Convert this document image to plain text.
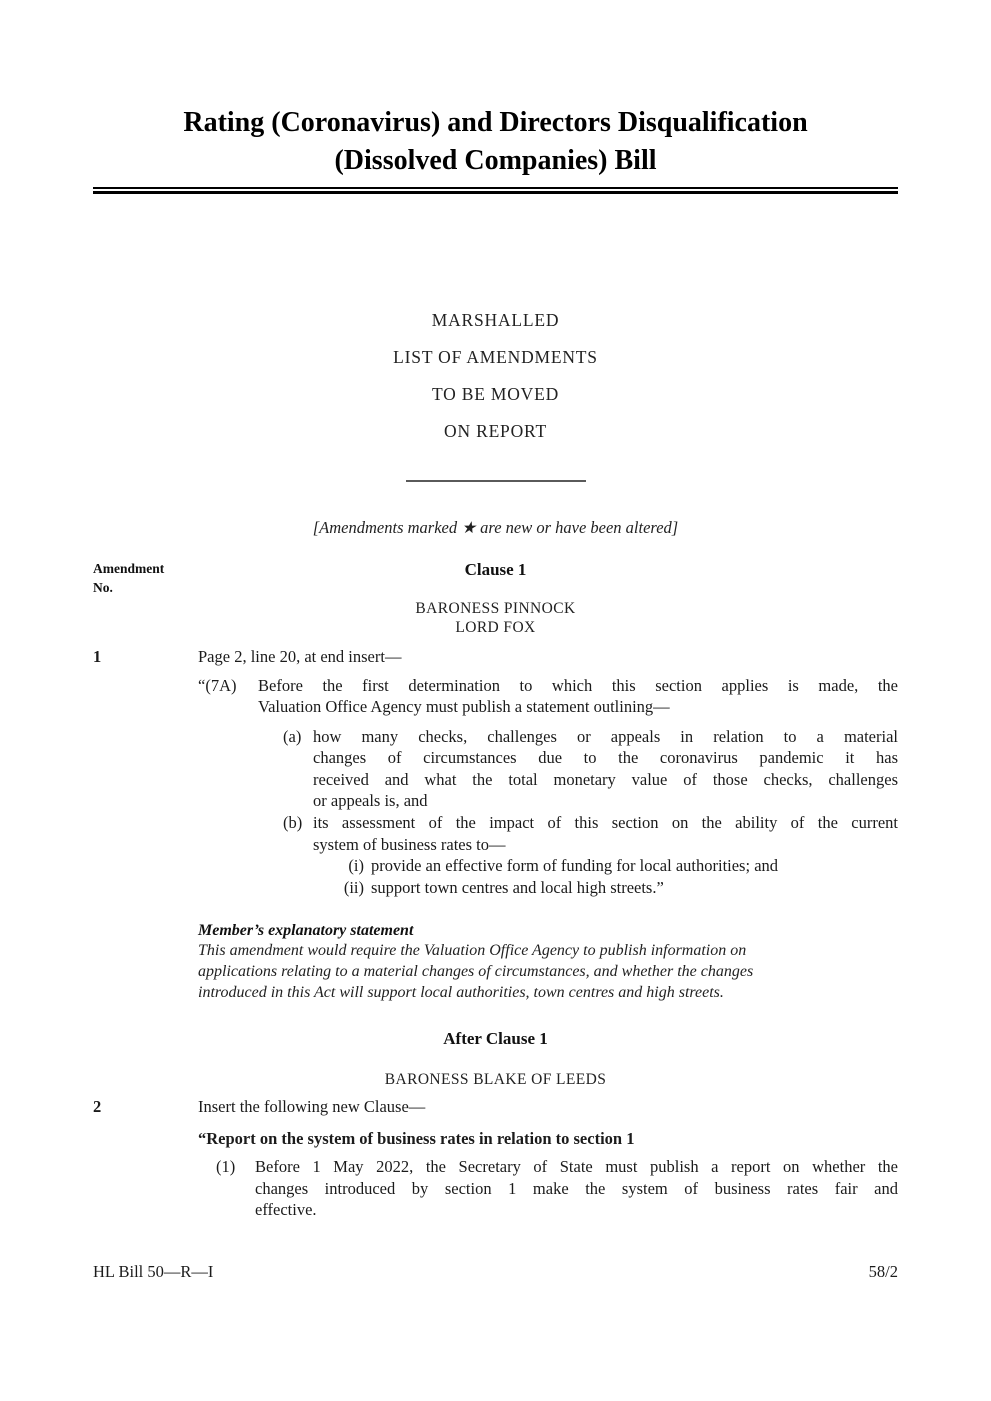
Rating (Coronavirus) and Directors Disqualification
(Dissolved Companies) Bill
MARSHALLED
LIST OF AMENDMENTS
TO BE MOVED
ON REPORT
[Amendments marked ★ are new or have been altered]
Amendment
No.
Clause 1
BARONESS PINNOCK
LORD FOX
1	Page 2, line 20, at end insert—
“(7A)	Before the first determination to which this section applies is made, the
Valuation Office Agency must publish a statement outlining—
(a) how many checks, challenges or appeals in relation to a material
changes of circumstances due to the coronavirus pandemic it has
received and what the total monetary value of those checks, challenges
or appeals is, and
(b) its assessment of the impact of this section on the ability of the current
system of business rates to—
(i) provide an effective form of funding for local authorities; and
(ii) support town centres and local high streets.”
Member’s explanatory statement
This amendment would require the Valuation Office Agency to publish information on
applications relating to a material changes of circumstances, and whether the changes
introduced in this Act will support local authorities, town centres and high streets.
After Clause 1
BARONESS BLAKE OF LEEDS
2	Insert the following new Clause—
“Report on the system of business rates in relation to section 1
(1)	Before 1 May 2022, the Secretary of State must publish a report on whether the
changes introduced by section 1 make the system of business rates fair and
effective.
HL Bill 50—R—I	58/2
